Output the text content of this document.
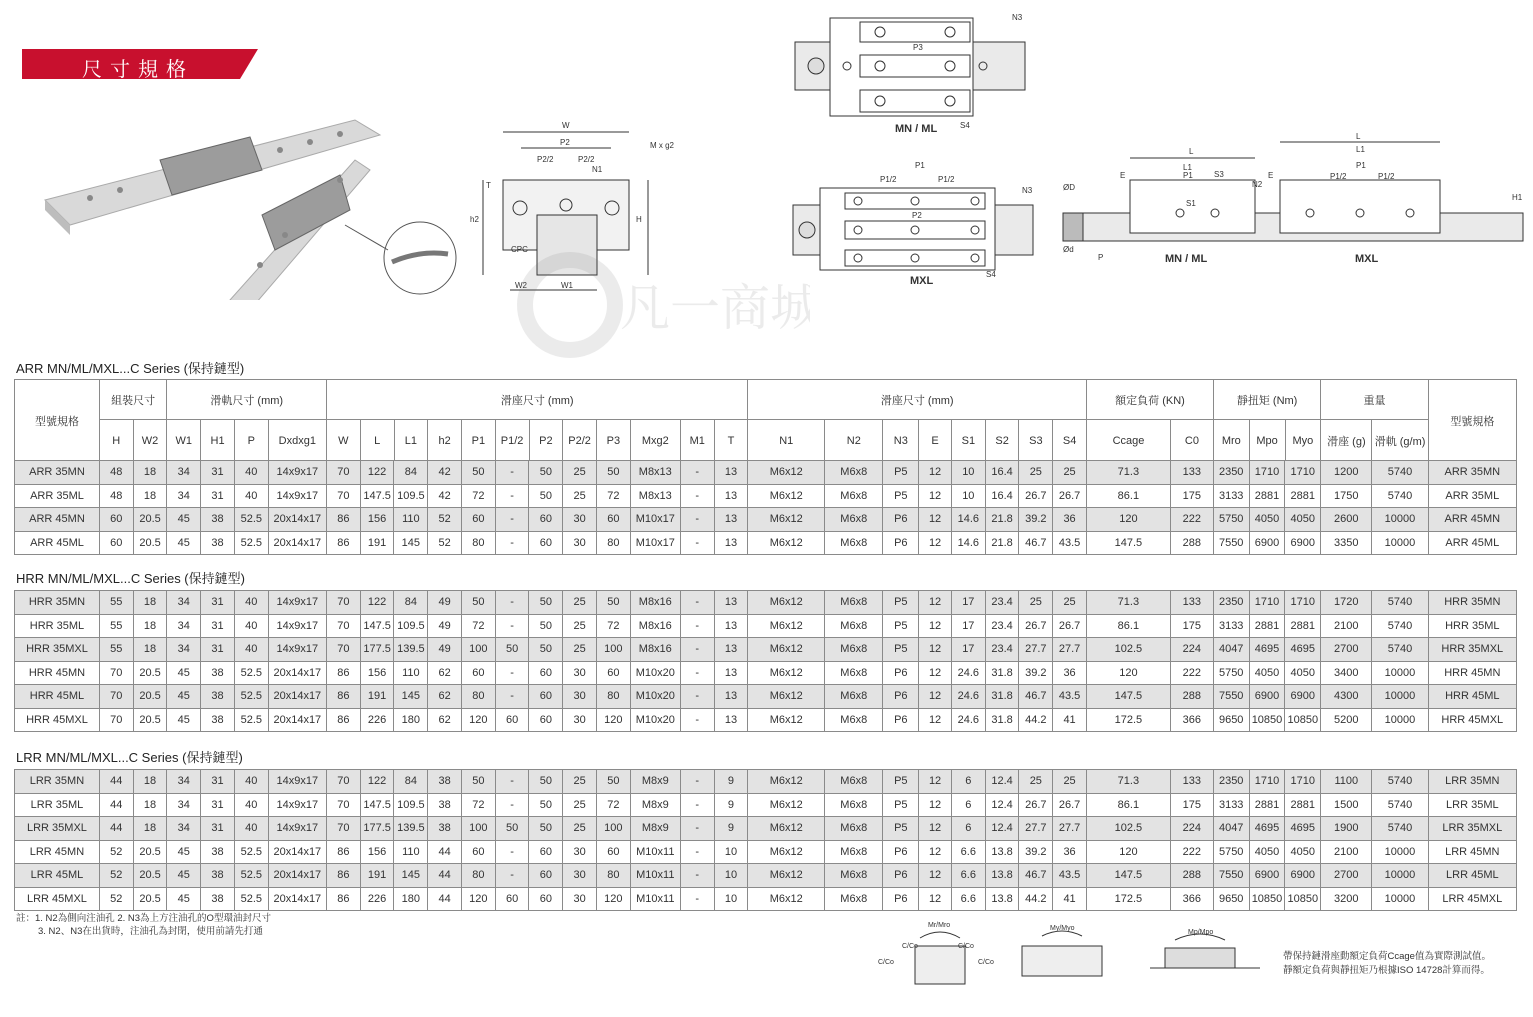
尺寸規格
W
P2
P2/2	P2/2
M x g2
T
h2	H
W2	W1
N1
CPC
P3
N3
S4
MN / ML
P1
P1/2	P1/2
P2
N3
S4
MXL
L
L1
P1
E
S1
S3
N2
ØD
Ød
P
L
L1
P1
P1/2	P1/2
E
H1
MN / ML	MXL
凡一商城
ARR MN/ML/MXL...C Series (保持鏈型)
HRR MN/ML/MXL...C Series (保持鏈型)
LRR MN/ML/MXL...C Series (保持鏈型)
型號規格	組裝尺寸		滑軌尺寸 (mm)				滑座尺寸 (mm)												滑座尺寸 (mm)								額定負荷 (KN)		靜扭矩 (Nm)			重量		型號規格
	H	W2	W1	H1	P	Dxdxg1	W	L	L1	h2	P1	P1/2	P2	P2/2	P3	Mxg2	M1	T	N1	N2	N3	E	S1	S2	S3	S4	Ccage	C0	Mro	Mpo	Myo	滑座 (g)	滑軌 (g/m)	
ARR 35MN	48	18	34	31	40	14x9x17	70	122	84	42	50	-	50	25	50	M8x13	-	13	M6x12	M6x8	P5	12	10	16.4	25	25	71.3	133	2350	1710	1710	1200	5740	ARR 35MN
ARR 35ML	48	18	34	31	40	14x9x17	70	147.5	109.5	42	72	-	50	25	72	M8x13	-	13	M6x12	M6x8	P5	12	10	16.4	26.7	26.7	86.1	175	3133	2881	2881	1750	5740	ARR 35ML
ARR 45MN	60	20.5	45	38	52.5	20x14x17	86	156	110	52	60	-	60	30	60	M10x17	-	13	M6x12	M6x8	P6	12	14.6	21.8	39.2	36	120	222	5750	4050	4050	2600	10000	ARR 45MN
ARR 45ML	60	20.5	45	38	52.5	20x14x17	86	191	145	52	80	-	60	30	80	M10x17	-	13	M6x12	M6x8	P6	12	14.6	21.8	46.7	43.5	147.5	288	7550	6900	6900	3350	10000	ARR 45ML
HRR 35MN	55	18	34	31	40	14x9x17	70	122	84	49	50	-	50	25	50	M8x16	-	13	M6x12	M6x8	P5	12	17	23.4	25	25	71.3	133	2350	1710	1710	1720	5740	HRR 35MN
HRR 35ML	55	18	34	31	40	14x9x17	70	147.5	109.5	49	72	-	50	25	72	M8x16	-	13	M6x12	M6x8	P5	12	17	23.4	26.7	26.7	86.1	175	3133	2881	2881	2100	5740	HRR 35ML
HRR 35MXL	55	18	34	31	40	14x9x17	70	177.5	139.5	49	100	50	50	25	100	M8x16	-	13	M6x12	M6x8	P5	12	17	23.4	27.7	27.7	102.5	224	4047	4695	4695	2700	5740	HRR 35MXL
HRR 45MN	70	20.5	45	38	52.5	20x14x17	86	156	110	62	60	-	60	30	60	M10x20	-	13	M6x12	M6x8	P6	12	24.6	31.8	39.2	36	120	222	5750	4050	4050	3400	10000	HRR 45MN
HRR 45ML	70	20.5	45	38	52.5	20x14x17	86	191	145	62	80	-	60	30	80	M10x20	-	13	M6x12	M6x8	P6	12	24.6	31.8	46.7	43.5	147.5	288	7550	6900	6900	4300	10000	HRR 45ML
HRR 45MXL	70	20.5	45	38	52.5	20x14x17	86	226	180	62	120	60	60	30	120	M10x20	-	13	M6x12	M6x8	P6	12	24.6	31.8	44.2	41	172.5	366	9650	10850	10850	5200	10000	HRR 45MXL
LRR 35MN	44	18	34	31	40	14x9x17	70	122	84	38	50	-	50	25	50	M8x9	-	9	M6x12	M6x8	P5	12	6	12.4	25	25	71.3	133	2350	1710	1710	1100	5740	LRR 35MN
LRR 35ML	44	18	34	31	40	14x9x17	70	147.5	109.5	38	72	-	50	25	72	M8x9	-	9	M6x12	M6x8	P5	12	6	12.4	26.7	26.7	86.1	175	3133	2881	2881	1500	5740	LRR 35ML
LRR 35MXL	44	18	34	31	40	14x9x17	70	177.5	139.5	38	100	50	50	25	100	M8x9	-	9	M6x12	M6x8	P5	12	6	12.4	27.7	27.7	102.5	224	4047	4695	4695	1900	5740	LRR 35MXL
LRR 45MN	52	20.5	45	38	52.5	20x14x17	86	156	110	44	60	-	60	30	60	M10x11	-	10	M6x12	M6x8	P6	12	6.6	13.8	39.2	36	120	222	5750	4050	4050	2100	10000	LRR 45MN
LRR 45ML	52	20.5	45	38	52.5	20x14x17	86	191	145	44	80	-	60	30	80	M10x11	-	10	M6x12	M6x8	P6	12	6.6	13.8	46.7	43.5	147.5	288	7550	6900	6900	2700	10000	LRR 45ML
LRR 45MXL	52	20.5	45	38	52.5	20x14x17	86	226	180	44	120	60	60	30	120	M10x11	-	10	M6x12	M6x8	P6	12	6.6	13.8	44.2	41	172.5	366	9650	10850	10850	3200	10000	LRR 45MXL
註：1. N2為側向注油孔 2. N3為上方注油孔的O型環油封尺寸
3. N2、N3在出貨時，注油孔為封閉，使用前請先打通
Mr/Mro
C/Co	C/Co
C/Co	C/Co
My/Myo
Mp/Mpo
帶保持鏈滑座動額定負荷Ccage值為實際測試值。
靜額定負荷與靜扭矩乃根據ISO 14728計算而得。
